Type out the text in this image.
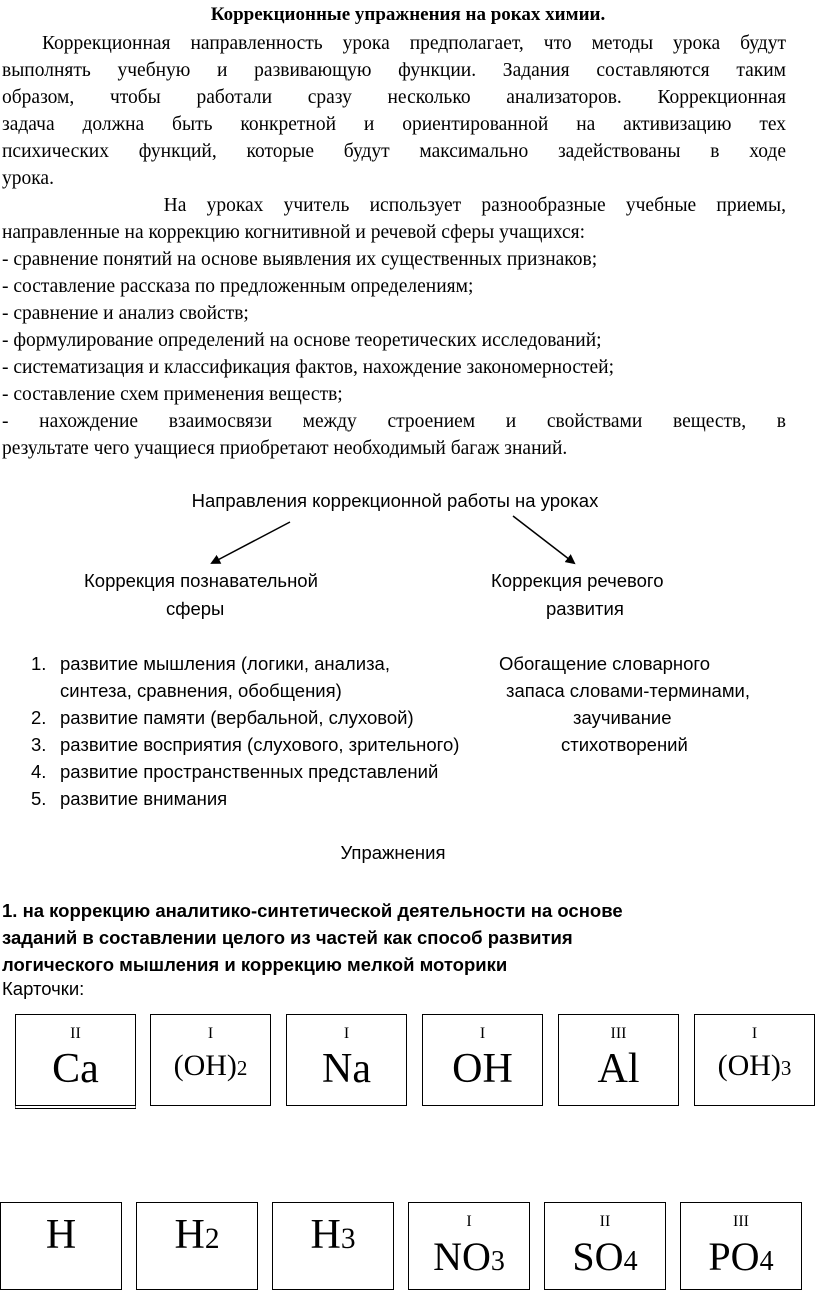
Коррекционные упражнения на роках химии.
Коррекционная направленность урока предполагает, что методы урока будут
выполнять учебную и развивающую функции. Задания составляются таким
образом, чтобы работали сразу несколько анализаторов. Коррекционная
задача должна быть конкретной и ориентированной на активизацию тех
психических функций, которые будут максимально задействованы в ходе
урока.
На уроках учитель использует разнообразные учебные приемы,
направленные на коррекцию когнитивной и речевой сферы учащихся:
- сравнение понятий на основе выявления их существенных признаков;
- составление рассказа по предложенным определениям;
- сравнение и анализ свойств;
- формулирование определений на основе теоретических исследований;
- систематизация и классификация фактов, нахождение закономерностей;
- составление схем применения веществ;
- нахождение взаимосвязи между строением и свойствами веществ, в
результате чего учащиеся приобретают необходимый багаж знаний.
Направления коррекционной работы на уроках
Коррекция познавательной
сферы
Коррекция речевого
развития
1. развитие мышления (логики, анализа,
синтеза, сравнения, обобщения)
2. развитие памяти (вербальной, слуховой)
3. развитие восприятия (слухового, зрительного)
4. развитие пространственных представлений
5. развитие внимания
Обогащение словарного
запаса словами-терминами,
заучивание
стихотворений
Упражнения
1. на коррекцию аналитико-синтетической деятельности на основе
заданий в составлении целого из частей как способ развития
логического мышления и коррекцию мелкой моторики
Карточки:
II
Ca
I
(OH)2
I
Na
I
OH
III
Al
I
(OH)3
H	H2	H3
I
NO3
II
SO4
III
PO4
